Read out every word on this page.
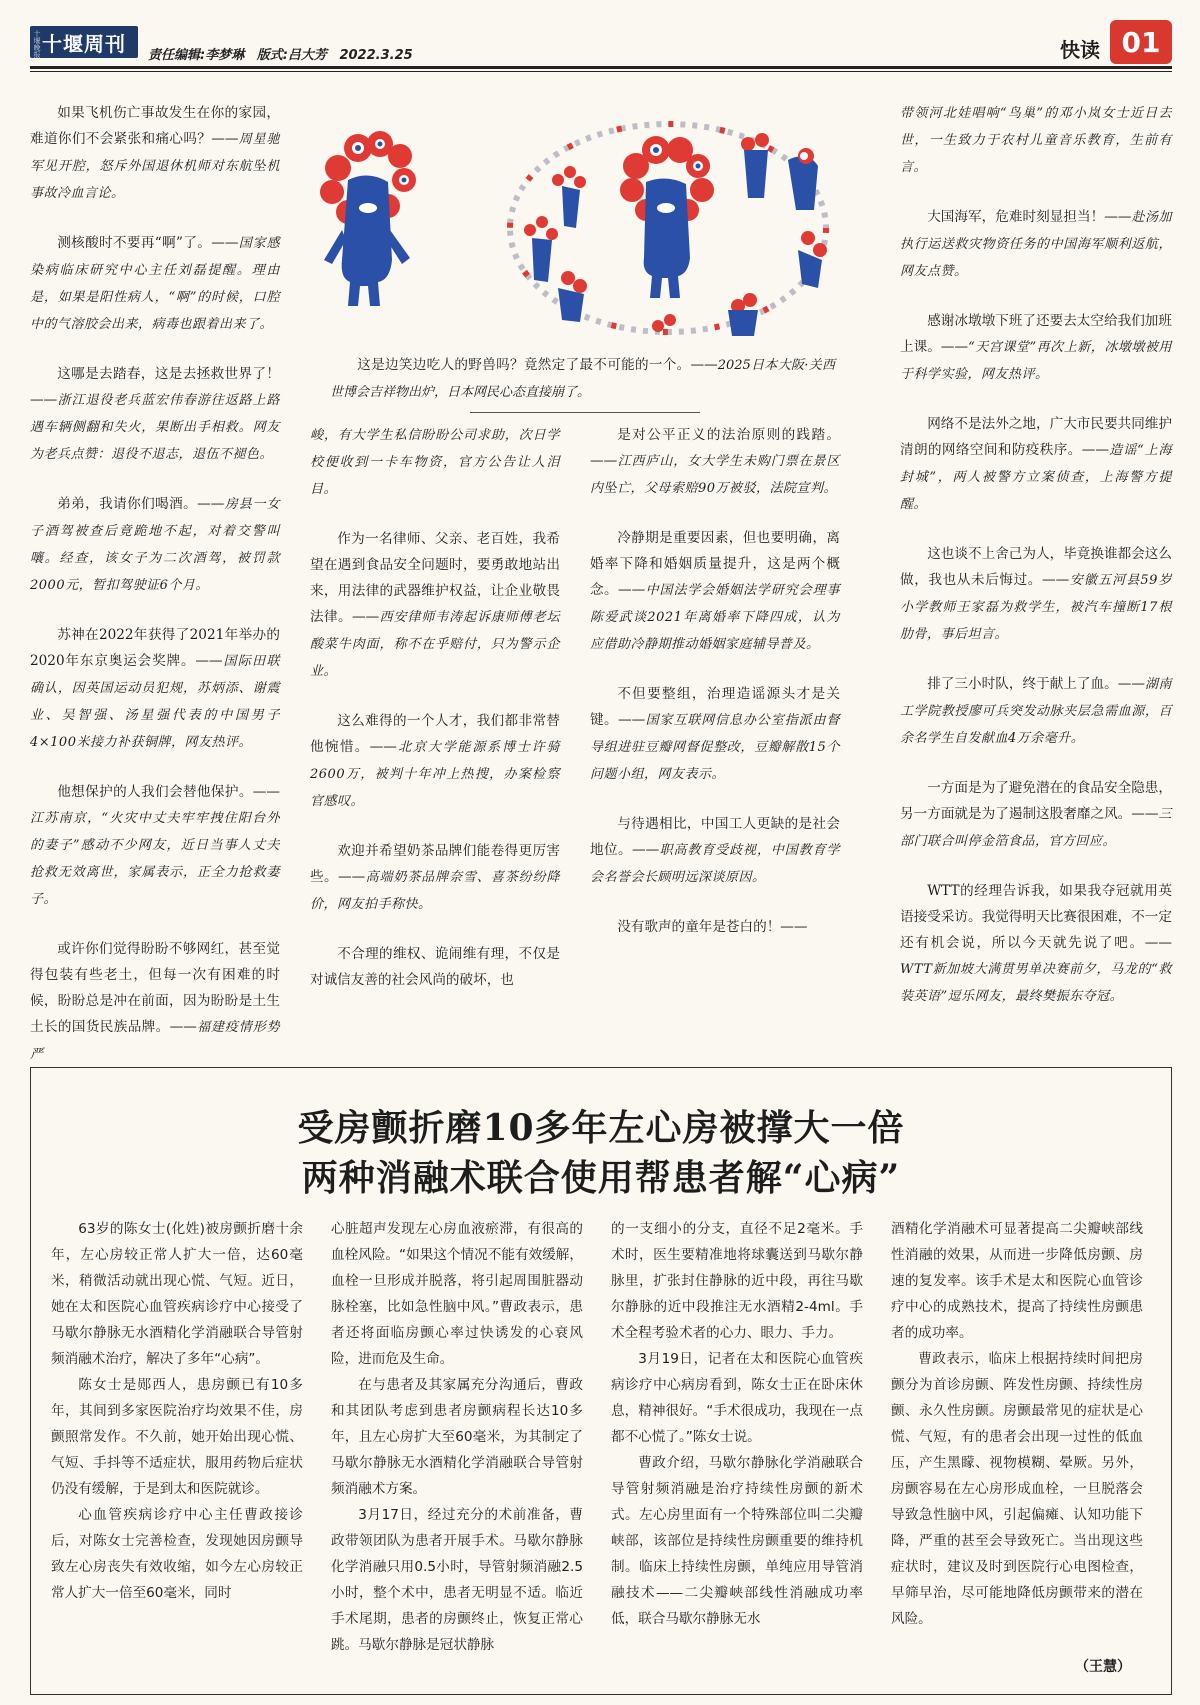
十堰晚报 十堰周刊 责任编辑:李梦琳 版式:吕大芳 2022.3.25	快读 01

如果飞机伤亡事故发生在你的家园，难道你们不会紧张和痛心吗？——周星驰军见开腔，怒斥外国退休机师对东航坠机事故冷血言论。

测核酸时不要再“啊”了。——国家感染病临床研究中心主任刘磊提醒。理由是，如果是阳性病人，“啊”的时候，口腔中的气溶胶会出来，病毒也跟着出来了。

这哪是去踏春，这是去拯救世界了！——浙江退役老兵蓝宏伟春游往返路上路遇车辆侧翻和失火，果断出手相救。网友为老兵点赞：退役不退志，退伍不褪色。

弟弟，我请你们喝酒。——房县一女子酒驾被查后竟跪地不起，对着交警叫嚷。经查，该女子为二次酒驾，被罚款2000元，暂扣驾驶证6个月。

苏神在2022年获得了2021年举办的2020年东京奥运会奖牌。——国际田联确认，因英国运动员犯规，苏炳添、谢震业、吴智强、汤星强代表的中国男子4×100米接力补获铜牌，网友热评。

他想保护的人我们会替他保护。——江苏南京，“火灾中丈夫牢牢拽住阳台外的妻子”感动不少网友，近日当事人丈夫抢救无效离世，家属表示，正全力抢救妻子。

或许你们觉得盼盼不够网红，甚至觉得包装有些老土，但每一次有困难的时候，盼盼总是冲在前面，因为盼盼是土生土长的国货民族品牌。——福建疫情形势严

这是边笑边吃人的野兽吗？竟然定了最不可能的一个。——2025日本大阪·关西世博会吉祥物出炉，日本网民心态直接崩了。

峻，有大学生私信盼盼公司求助，次日学校便收到一卡车物资，官方公告让人泪目。

作为一名律师、父亲、老百姓，我希望在遇到食品安全问题时，要勇敢地站出来，用法律的武器维护权益，让企业敬畏法律。——西安律师韦涛起诉康师傅老坛酸菜牛肉面，称不在乎赔付，只为警示企业。

这么难得的一个人才，我们都非常替他惋惜。——北京大学能源系博士许骑2600万，被判十年冲上热搜，办案检察官感叹。

欢迎并希望奶茶品牌们能卷得更厉害些。——高端奶茶品牌奈雪、喜茶纷纷降价，网友拍手称快。

不合理的维权、诡闹维有理，不仅是对诚信友善的社会风尚的破坏，也

是对公平正义的法治原则的践踏。——江西庐山，女大学生未购门票在景区内坠亡，父母索赔90万被驳，法院宣判。

冷静期是重要因素，但也要明确，离婚率下降和婚姻质量提升，这是两个概念。——中国法学会婚姻法学研究会理事陈爱武谈2021年离婚率下降四成，认为应借助冷静期推动婚姻家庭辅导普及。

不但要整组，治理造谣源头才是关键。——国家互联网信息办公室指派由督导组进驻豆瓣网督促整改，豆瓣解散15个问题小组，网友表示。

与待遇相比，中国工人更缺的是社会地位。——职高教育受歧视，中国教育学会名誉会长顾明远深谈原因。

没有歌声的童年是苍白的！——

带领河北娃唱响“鸟巢”的邓小岚女士近日去世，一生致力于农村儿童音乐教育，生前有言。

大国海军，危难时刻显担当！——赴汤加执行运送救灾物资任务的中国海军顺利返航，网友点赞。

感谢冰墩墩下班了还要去太空给我们加班上课。——“天宫课堂”再次上新，冰墩墩被用于科学实验，网友热评。

网络不是法外之地，广大市民要共同维护清朗的网络空间和防疫秩序。——造谣“上海封城”，两人被警方立案侦查，上海警方提醒。

这也谈不上舍己为人，毕竟换谁都会这么做，我也从未后悔过。——安徽五河县59岁小学教师王家磊为救学生，被汽车撞断17根肋骨，事后坦言。

排了三小时队，终于献上了血。——湖南工学院教授廖可兵突发动脉夹层急需血源，百余名学生自发献血4万余毫升。

一方面是为了避免潜在的食品安全隐患，另一方面就是为了遏制这股奢靡之风。——三部门联合叫停金箔食品，官方回应。

WTT的经理告诉我，如果我夺冠就用英语接受采访。我觉得明天比赛很困难，不一定还有机会说，所以今天就先说了吧。——WTT新加坡大满贯男单决赛前夕，马龙的“救装英语”逗乐网友，最终樊振东夺冠。

受房颤折磨10多年左心房被撑大一倍
两种消融术联合使用帮患者解“心病”

63岁的陈女士(化姓)被房颤折磨十余年，左心房较正常人扩大一倍，达60毫米，稍微活动就出现心慌、气短。近日，她在太和医院心血管疾病诊疗中心接受了马歇尔静脉无水酒精化学消融联合导管射频消融术治疗，解决了多年“心病”。

陈女士是郧西人，患房颤已有10多年，其间到多家医院治疗均效果不佳，房颤照常发作。不久前，她开始出现心慌、气短、手抖等不适症状，服用药物后症状仍没有缓解，于是到太和医院就诊。

心血管疾病诊疗中心主任曹政接诊后，对陈女士完善检查，发现她因房颤导致左心房丧失有效收缩，如今左心房较正常人扩大一倍至60毫米，同时

心脏超声发现左心房血液瘀滞，有很高的血栓风险。“如果这个情况不能有效缓解，血栓一旦形成并脱落，将引起周围脏器动脉栓塞，比如急性脑中风。”曹政表示，患者还将面临房颤心率过快诱发的心衰风险，进而危及生命。

在与患者及其家属充分沟通后，曹政和其团队考虑到患者房颤病程长达10多年，且左心房扩大至60毫米，为其制定了马歇尔静脉无水酒精化学消融联合导管射频消融术方案。

3月17日，经过充分的术前准备，曹政带领团队为患者开展手术。马歇尔静脉化学消融只用0.5小时，导管射频消融2.5小时，整个术中，患者无明显不适。临近手术尾期，患者的房颤终止，恢复正常心跳。马歇尔静脉是冠状静脉

的一支细小的分支，直径不足2毫米。手术时，医生要精准地将球囊送到马歇尔静脉里，扩张封住静脉的近中段，再往马歇尔静脉的近中段推注无水酒精2-4ml。手术全程考验术者的心力、眼力、手力。

3月19日，记者在太和医院心血管疾病诊疗中心病房看到，陈女士正在卧床休息，精神很好。“手术很成功，我现在一点都不心慌了。”陈女士说。

曹政介绍，马歇尔静脉化学消融联合导管射频消融是治疗持续性房颤的新术式。左心房里面有一个特殊部位叫二尖瓣峡部，该部位是持续性房颤重要的维持机制。临床上持续性房颤，单纯应用导管消融技术——二尖瓣峡部线性消融成功率低，联合马歇尔静脉无水

酒精化学消融术可显著提高二尖瓣峡部线性消融的效果，从而进一步降低房颤、房速的复发率。该手术是太和医院心血管诊疗中心的成熟技术，提高了持续性房颤患者的成功率。

曹政表示，临床上根据持续时间把房颤分为首诊房颤、阵发性房颤、持续性房颤、永久性房颤。房颤最常见的症状是心慌、气短，有的患者会出现一过性的低血压，产生黑矇、视物模糊、晕厥。另外，房颤容易在左心房形成血栓，一旦脱落会导致急性脑中风，引起偏瘫、认知功能下降，严重的甚至会导致死亡。当出现这些症状时，建议及时到医院行心电图检查，早筛早治，尽可能地降低房颤带来的潜在风险。

（王慧）
